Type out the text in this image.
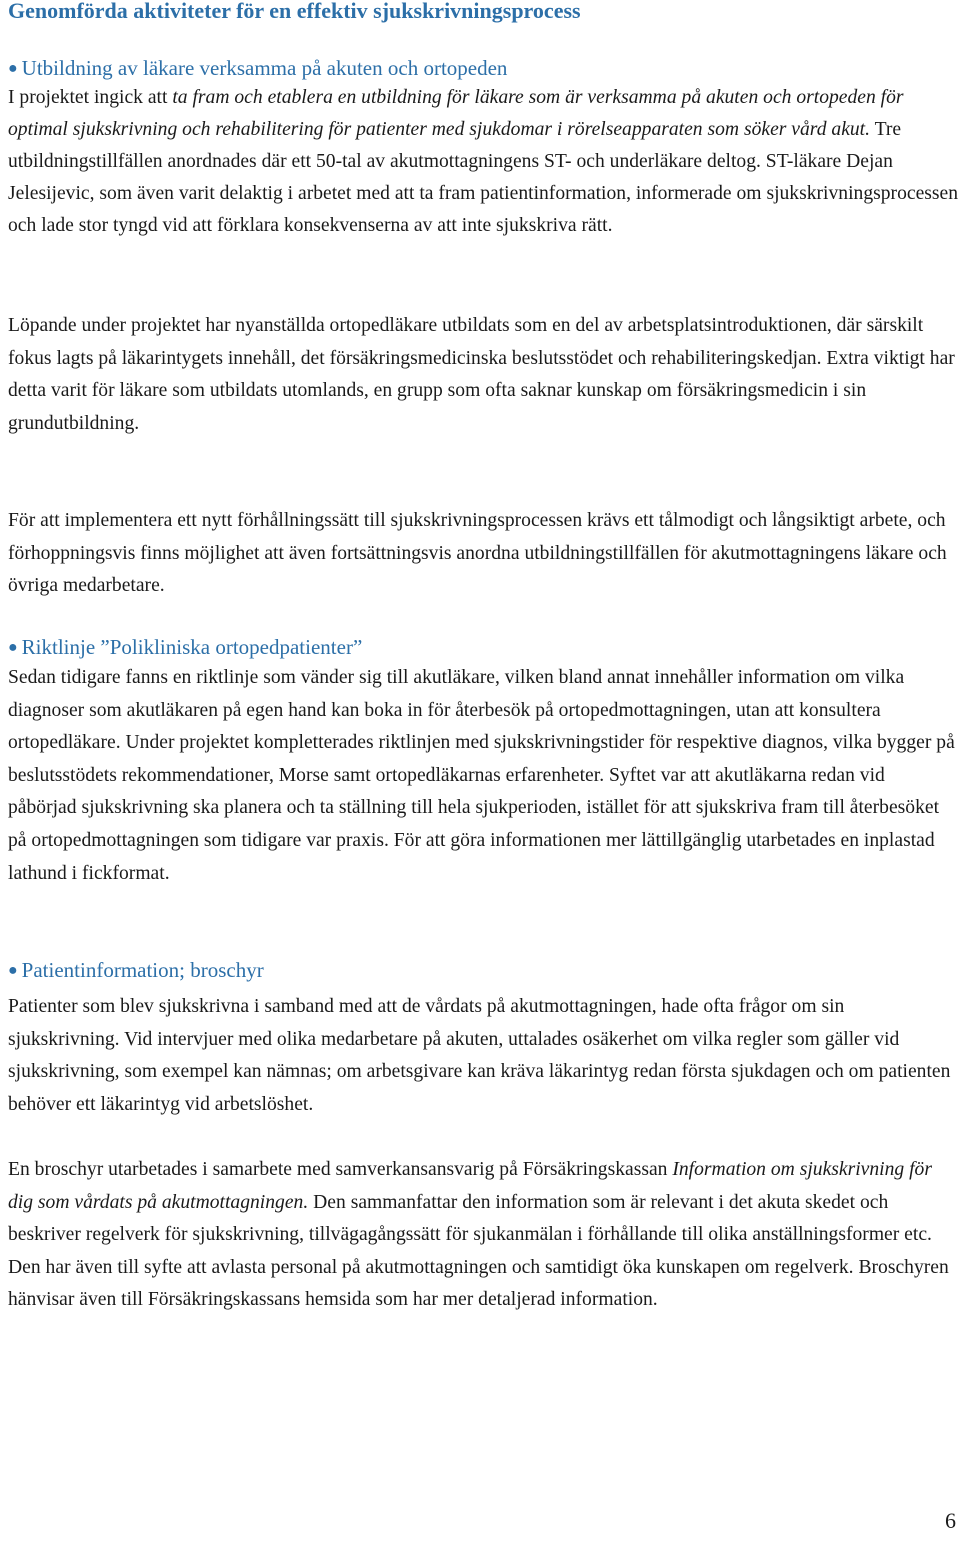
Genomförda aktiviteter för en effektiv sjukskrivningsprocess
● Utbildning av läkare verksamma på akuten och ortopeden

I projektet ingick att ta fram och etablera en utbildning för läkare som är verksamma på akuten och ortopeden för optimal sjukskrivning och rehabilitering för patienter med sjukdomar i rörelseapparaten som söker vård akut. Tre utbildningstillfällen anordnades där ett 50-tal av akutmottagningens ST- och underläkare deltog. ST-läkare Dejan Jelesijevic, som även varit delaktig i arbetet med att ta fram patientinformation, informerade om sjukskrivningsprocessen och lade stor tyngd vid att förklara konsekvenserna av att inte sjukskriva rätt.

Löpande under projektet har nyanställda ortopedläkare utbildats som en del av arbetsplatsintroduktionen, där särskilt fokus lagts på läkarintygets innehåll, det försäkringsmedicinska beslutsstödet och rehabiliteringskedjan. Extra viktigt har detta varit för läkare som utbildats utomlands, en grupp som ofta saknar kunskap om försäkringsmedicin i sin grundutbildning.

För att implementera ett nytt förhållningssätt till sjukskrivningsprocessen krävs ett tålmodigt och långsiktigt arbete, och förhoppningsvis finns möjlighet att även fortsättningsvis anordna utbildningstillfällen för akutmottagningens läkare och övriga medarbetare.

● Riktlinje ”Polikliniska ortopedpatienter”

Sedan tidigare fanns en riktlinje som vänder sig till akutläkare, vilken bland annat innehåller information om vilka diagnoser som akutläkaren på egen hand kan boka in för återbesök på ortopedmottagningen, utan att konsultera ortopedläkare. Under projektet kompletterades riktlinjen med sjukskrivningstider för respektive diagnos, vilka bygger på beslutsstödets rekommendationer, Morse samt ortopedläkarnas erfarenheter. Syftet var att akutläkarna redan vid påbörjad sjukskrivning ska planera och ta ställning till hela sjukperioden, istället för att sjukskriva fram till återbesöket på ortopedmottagningen som tidigare var praxis. För att göra informationen mer lättillgänglig utarbetades en inplastad lathund i fickformat.

● Patientinformation; broschyr

Patienter som blev sjukskrivna i samband med att de vårdats på akutmottagningen, hade ofta frågor om sin sjukskrivning. Vid intervjuer med olika medarbetare på akuten, uttalades osäkerhet om vilka regler som gäller vid sjukskrivning, som exempel kan nämnas; om arbetsgivare kan kräva läkarintyg redan första sjukdagen och om patienten behöver ett läkarintyg vid arbetslöshet.

En broschyr utarbetades i samarbete med samverkansansvarig på Försäkringskassan Information om sjukskrivning för dig som vårdats på akutmottagningen. Den sammanfattar den information som är relevant i det akuta skedet och beskriver regelverk för sjukskrivning, tillvägagångssätt för sjukanmälan i förhållande till olika anställningsformer etc. Den har även till syfte att avlasta personal på akutmottagningen och samtidigt öka kunskapen om regelverk. Broschyren hänvisar även till Försäkringskassans hemsida som har mer detaljerad information.

6
